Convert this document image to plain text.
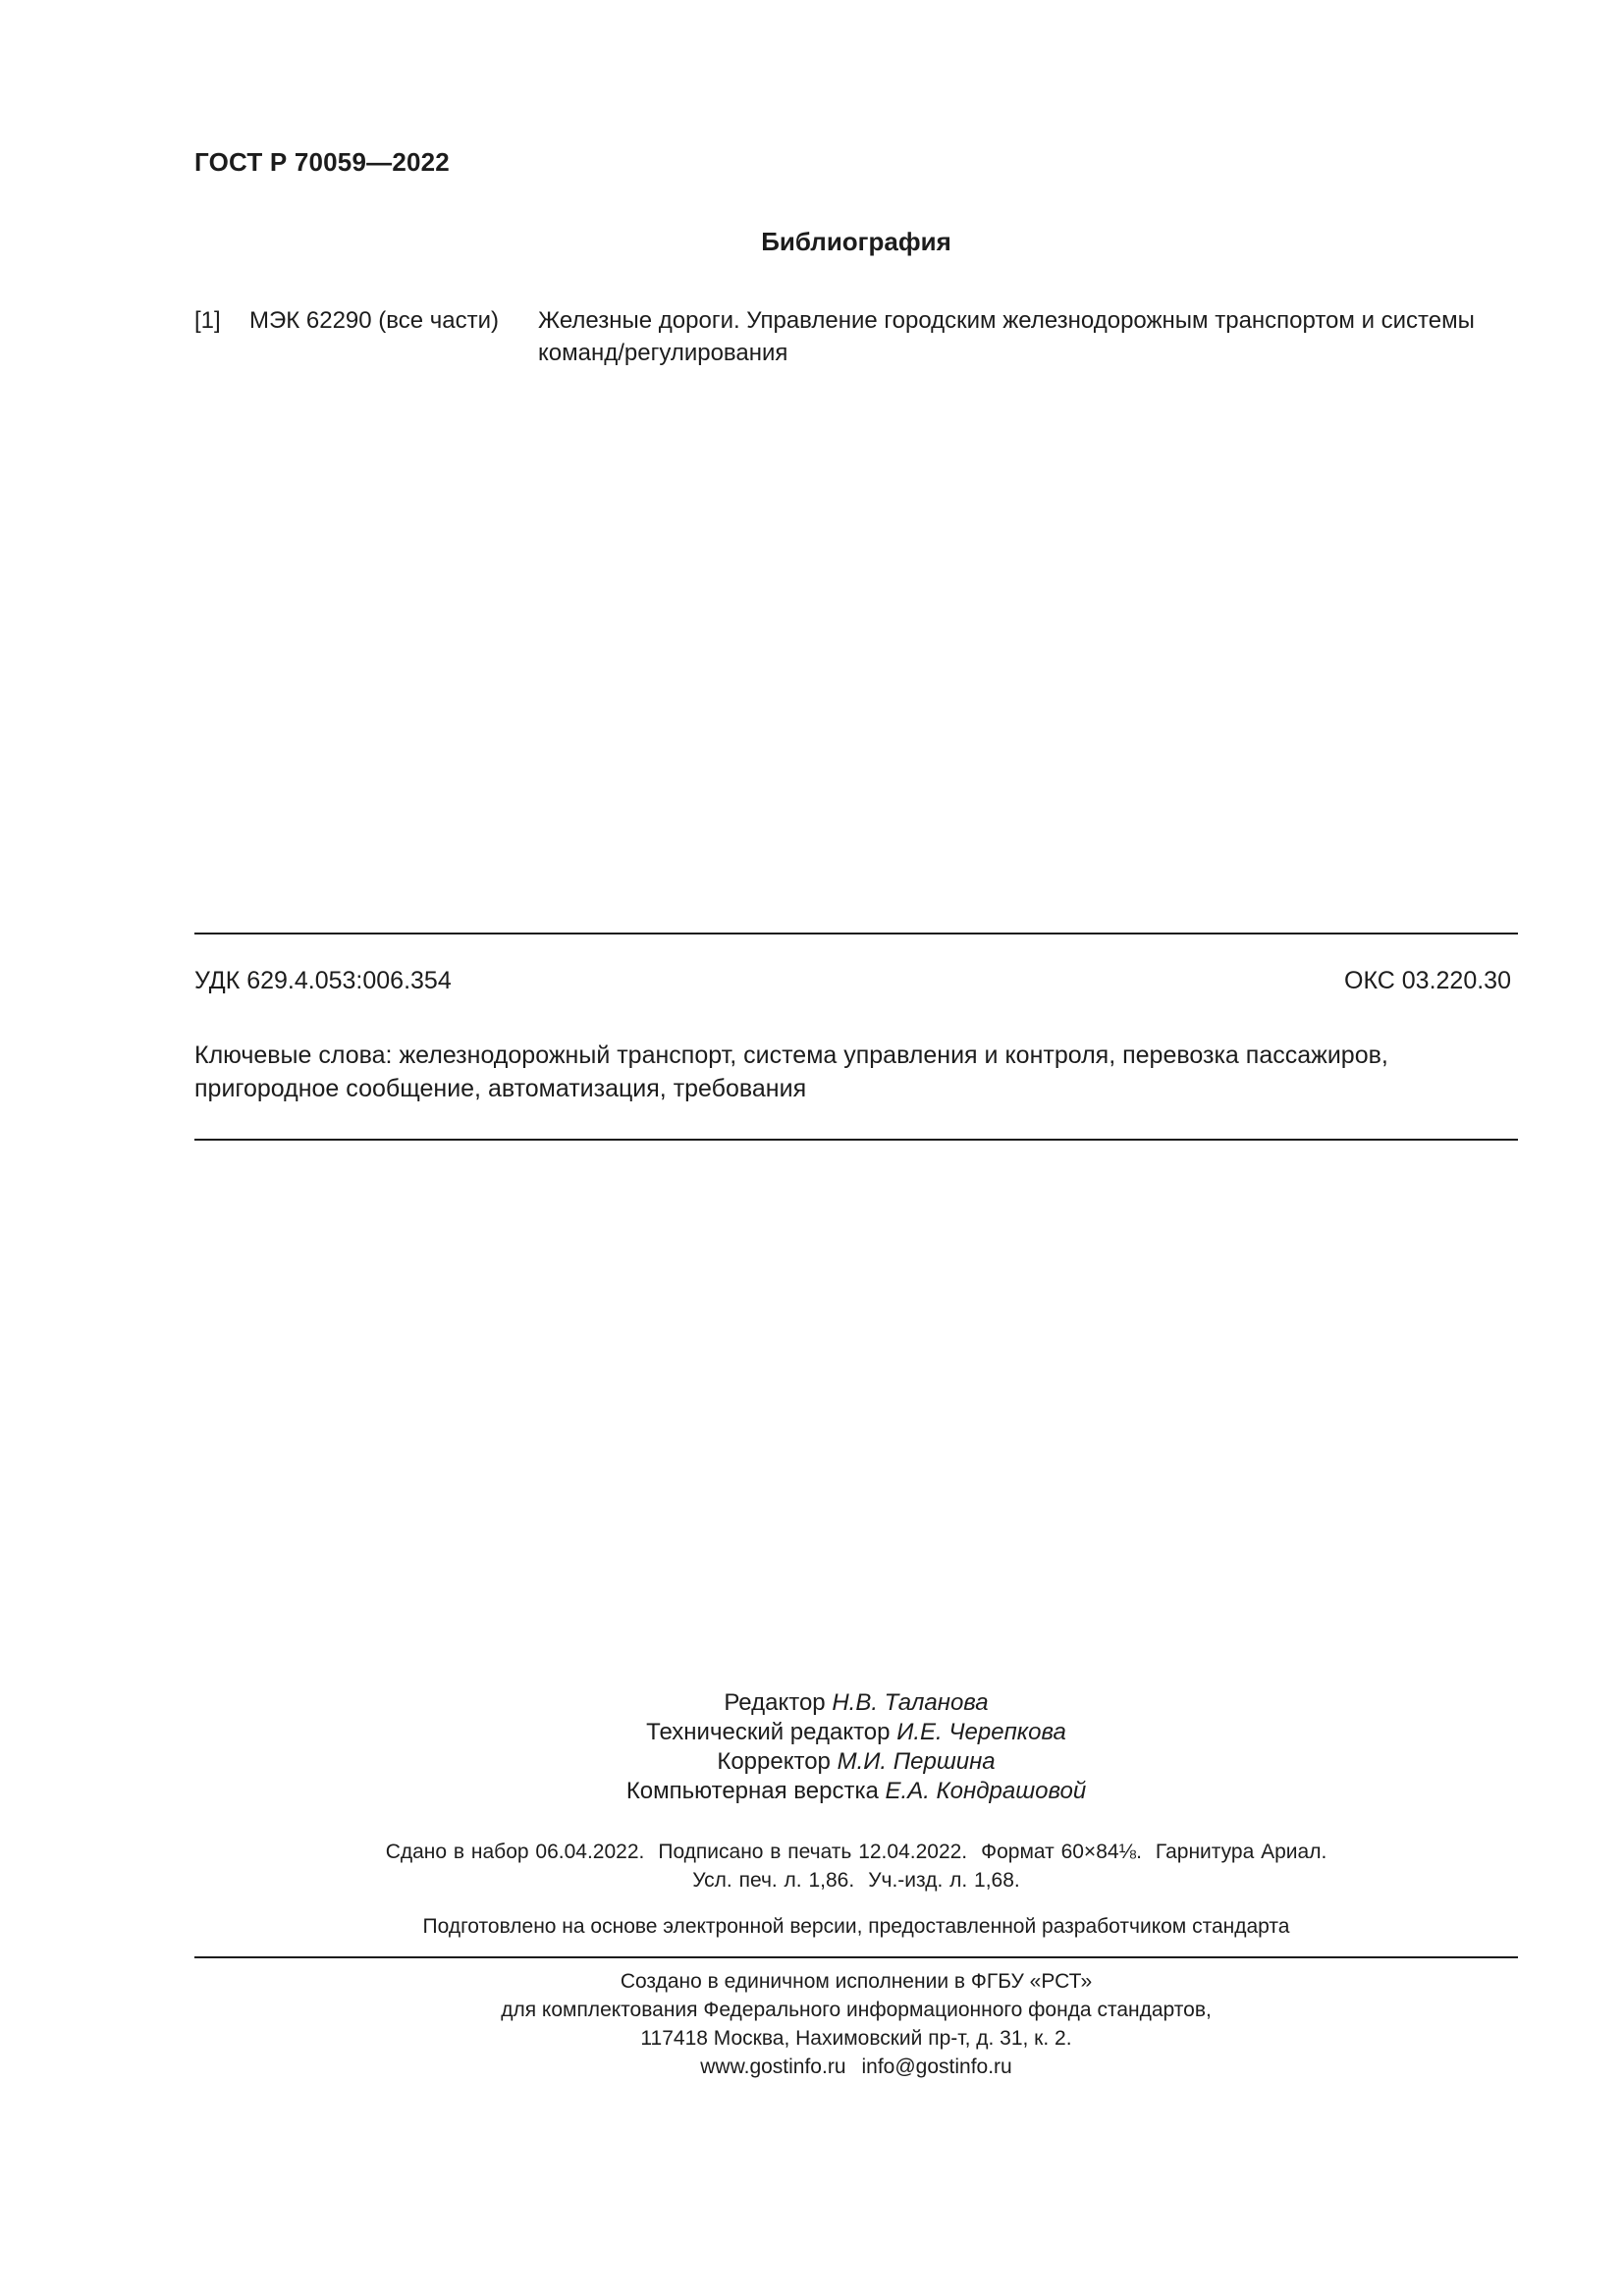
ГОСТ Р 70059—2022
Библиография
[1] МЭК 62290 (все части) Железные дороги. Управление городским железнодорожным транспортом и системы
команд/регулирования
УДК 629.4.053:006.354	ОКС 03.220.30
Ключевые слова: железнодорожный транспорт, система управления и контроля, перевозка пассажиров,
пригородное сообщение, автоматизация, требования
Редактор Н.В. Таланова
Технический редактор И.Е. Черепкова
Корректор М.И. Першина
Компьютерная верстка Е.А. Кондрашовой
Сдано в набор 06.04.2022. Подписано в печать 12.04.2022. Формат 60×84⅛. Гарнитура Ариал.
Усл. печ. л. 1,86. Уч.-изд. л. 1,68.
Подготовлено на основе электронной версии, предоставленной разработчиком стандарта
Создано в единичном исполнении в ФГБУ «РСТ»
для комплектования Федерального информационного фонда стандартов,
117418 Москва, Нахимовский пр-т, д. 31, к. 2.
www.gostinfo.ru info@gostinfo.ru
